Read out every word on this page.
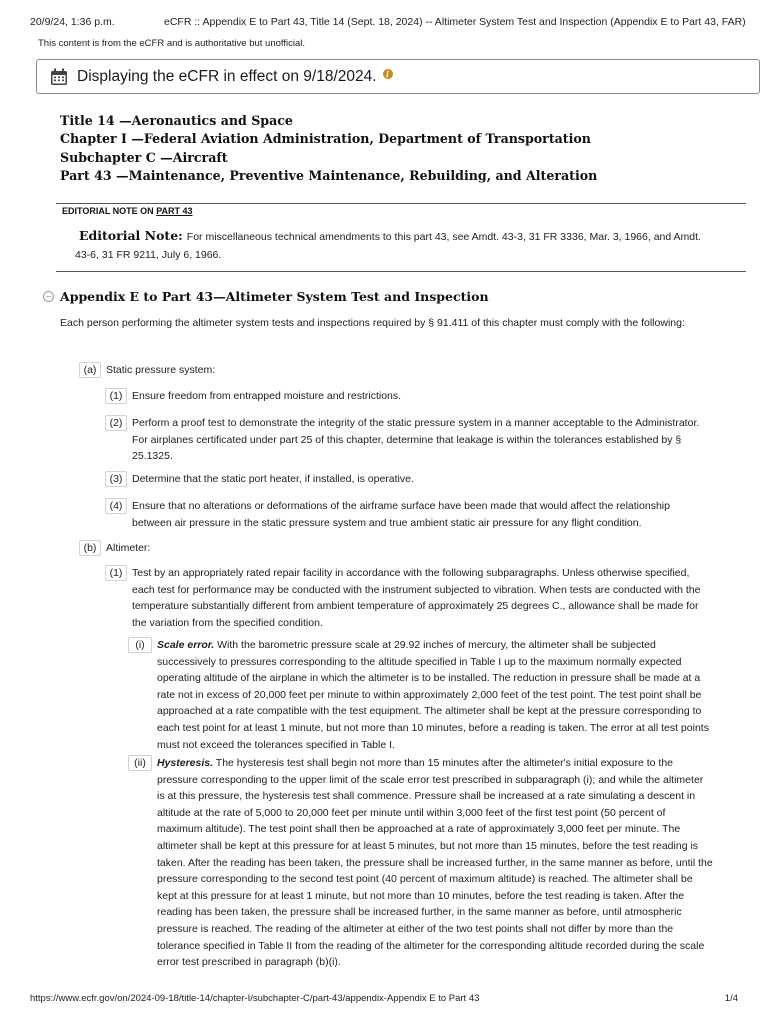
20/9/24, 1:36 p.m.	eCFR :: Appendix E to Part 43, Title 14 (Sept. 18, 2024) -- Altimeter System Test and Inspection (Appendix E to Part 43, FAR)
This content is from the eCFR and is authoritative but unofficial.
Displaying the eCFR in effect on 9/18/2024.	i
Title 14 —Aeronautics and Space
Chapter I —Federal Aviation Administration, Department of Transportation
Subchapter C —Aircraft
Part 43 —Maintenance, Preventive Maintenance, Rebuilding, and Alteration
EDITORIAL NOTE ON PART 43
Editorial Note: For miscellaneous technical amendments to this part 43, see Amdt. 43-3, 31 FR 3336, Mar. 3, 1966, and Amdt. 43-6, 31 FR 9211, July 6, 1966.
– Appendix E to Part 43—Altimeter System Test and Inspection
Each person performing the altimeter system tests and inspections required by § 91.411 of this chapter must comply with the following:
(a) Static pressure system:
(1) Ensure freedom from entrapped moisture and restrictions.
(2) Perform a proof test to demonstrate the integrity of the static pressure system in a manner acceptable to the Administrator. For airplanes certificated under part 25 of this chapter, determine that leakage is within the tolerances established by § 25.1325.
(3) Determine that the static port heater, if installed, is operative.
(4) Ensure that no alterations or deformations of the airframe surface have been made that would affect the relationship between air pressure in the static pressure system and true ambient static air pressure for any flight condition.
(b) Altimeter:
(1) Test by an appropriately rated repair facility in accordance with the following subparagraphs. Unless otherwise specified, each test for performance may be conducted with the instrument subjected to vibration. When tests are conducted with the temperature substantially different from ambient temperature of approximately 25 degrees C., allowance shall be made for the variation from the specified condition.
(i)	Scale error. With the barometric pressure scale at 29.92 inches of mercury, the altimeter shall be subjected successively to pressures corresponding to the altitude specified in Table I up to the maximum normally expected operating altitude of the airplane in which the altimeter is to be installed. The reduction in pressure shall be made at a rate not in excess of 20,000 feet per minute to within approximately 2,000 feet of the test point. The test point shall be approached at a rate compatible with the test equipment. The altimeter shall be kept at the pressure corresponding to each test point for at least 1 minute, but not more than 10 minutes, before a reading is taken. The error at all test points must not exceed the tolerances specified in Table I.
(ii)	Hysteresis. The hysteresis test shall begin not more than 15 minutes after the altimeter's initial exposure to the pressure corresponding to the upper limit of the scale error test prescribed in subparagraph (i); and while the altimeter is at this pressure, the hysteresis test shall commence. Pressure shall be increased at a rate simulating a descent in altitude at the rate of 5,000 to 20,000 feet per minute until within 3,000 feet of the first test point (50 percent of maximum altitude). The test point shall then be approached at a rate of approximately 3,000 feet per minute. The altimeter shall be kept at this pressure for at least 5 minutes, but not more than 15 minutes, before the test reading is taken. After the reading has been taken, the pressure shall be increased further, in the same manner as before, until the pressure corresponding to the second test point (40 percent of maximum altitude) is reached. The altimeter shall be kept at this pressure for at least 1 minute, but not more than 10 minutes, before the test reading is taken. After the reading has been taken, the pressure shall be increased further, in the same manner as before, until atmospheric pressure is reached. The reading of the altimeter at either of the two test points shall not differ by more than the tolerance specified in Table II from the reading of the altimeter for the corresponding altitude recorded during the scale error test prescribed in paragraph (b)(i).
https://www.ecfr.gov/on/2024-09-18/title-14/chapter-I/subchapter-C/part-43/appendix-Appendix E to Part 43	1/4
